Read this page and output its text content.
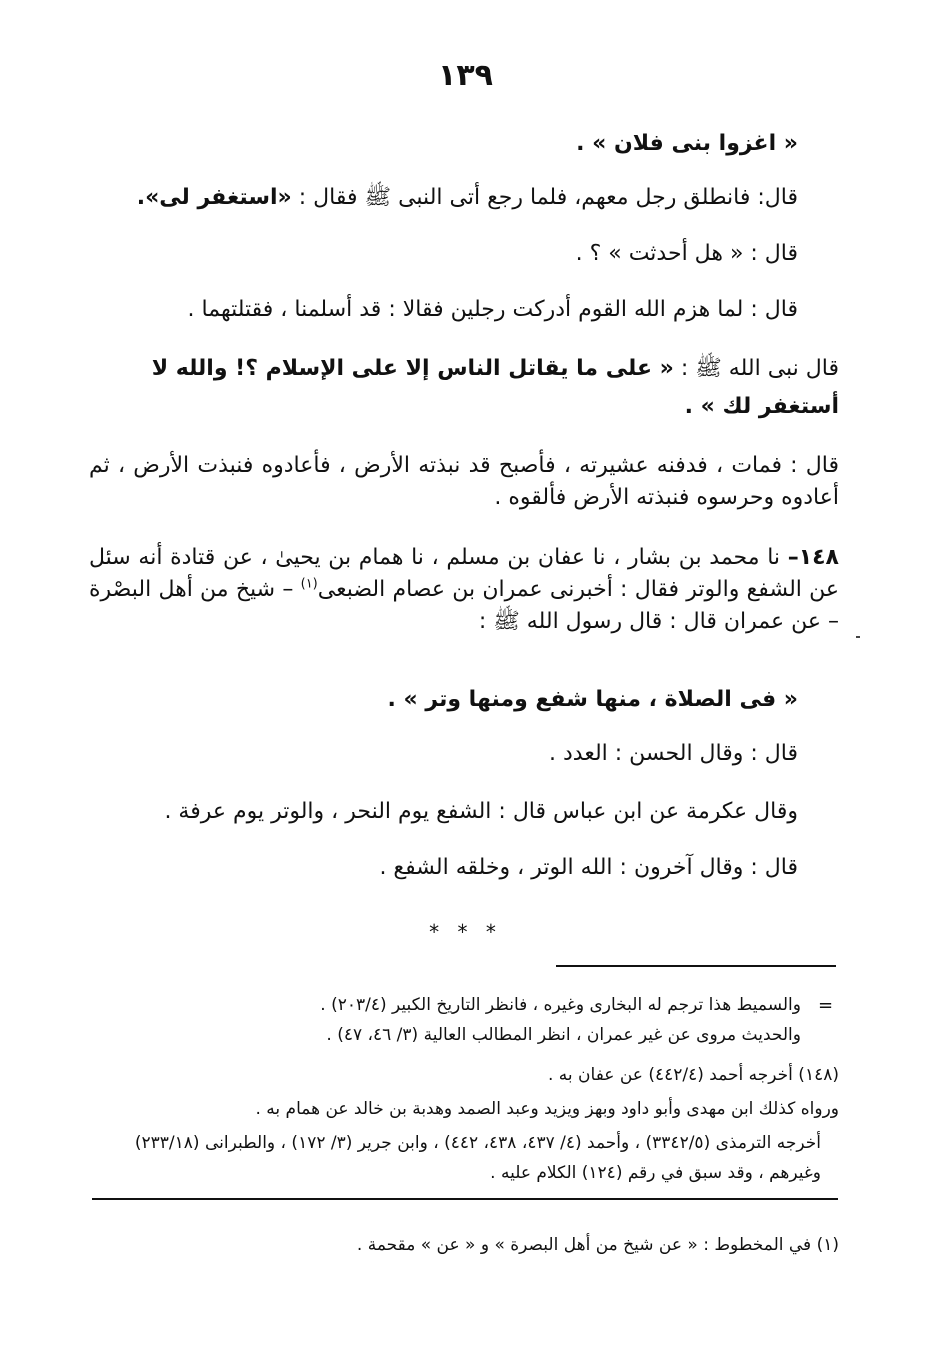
١٣٩
« اغزوا بنى فلان » .
قال: فانطلق رجل معهم، فلما رجع أتى النبى ﷺ فقال : «استغفر لى».
قال : « هل أحدثت » ؟ .
قال : لما هزم الله القوم أدركت رجلين فقالا : قد أسلمنا ، فقتلتهما .
قال نبى الله ﷺ : « على ما يقاتل الناس إلا على الإسلام ؟! والله لا أستغفر لك » .
قال : فمات ، فدفنه عشيرته ، فأصبح قد نبذته الأرض ، فأعادوه فنبذت الأرض ، ثم أعادوه وحرسوه فنبذته الأرض فألقوه .
١٤٨– نا محمد بن بشار ، نا عفان بن مسلم ، نا همام بن يحيىٰ ، عن قتادة أنه سئل عن الشفع والوتر فقال : أخبرنى عمران بن عصام الضبعى$^{(١)}$ – شيخ من أهل البصْرة – عن عمران قال : قال رسول الله ﷺ :
« فى الصلاة ، منها شفع ومنها وتر » .
قال : وقال الحسن : العدد .
وقال عكرمة عن ابن عباس قال : الشفع يوم النحر ، والوتر يوم عرفة .
قال : وقال آخرون : الله الوتر ، وخلقه الشفع .
* * *
=
والسميط هذا ترجم له البخارى وغيره ، فانظر التاريخ الكبير (٢٠٣/٤) .
والحديث مروى عن غير عمران ، انظر المطالب العالية (٣/ ٤٦، ٤٧) .
(١٤٨) أخرجه أحمد (٤٤٢/٤) عن عفان به .
ورواه كذلك ابن مهدى وأبو داود وبهز ويزيد وعبد الصمد وهدبة بن خالد عن همام به .
أخرجه الترمذى (٣٣٤٢/٥) ، وأحمد (٤/ ٤٣٧، ٤٣٨، ٤٤٢) ، وابن جرير (٣/ ١٧٢) ، والطبرانى (٢٣٣/١٨) وغيرهم ، وقد سبق في رقم (١٢٤) الكلام عليه .
(١) في المخطوط : « عن شيخ من أهل البصرة » و « عن » مقحمة .
